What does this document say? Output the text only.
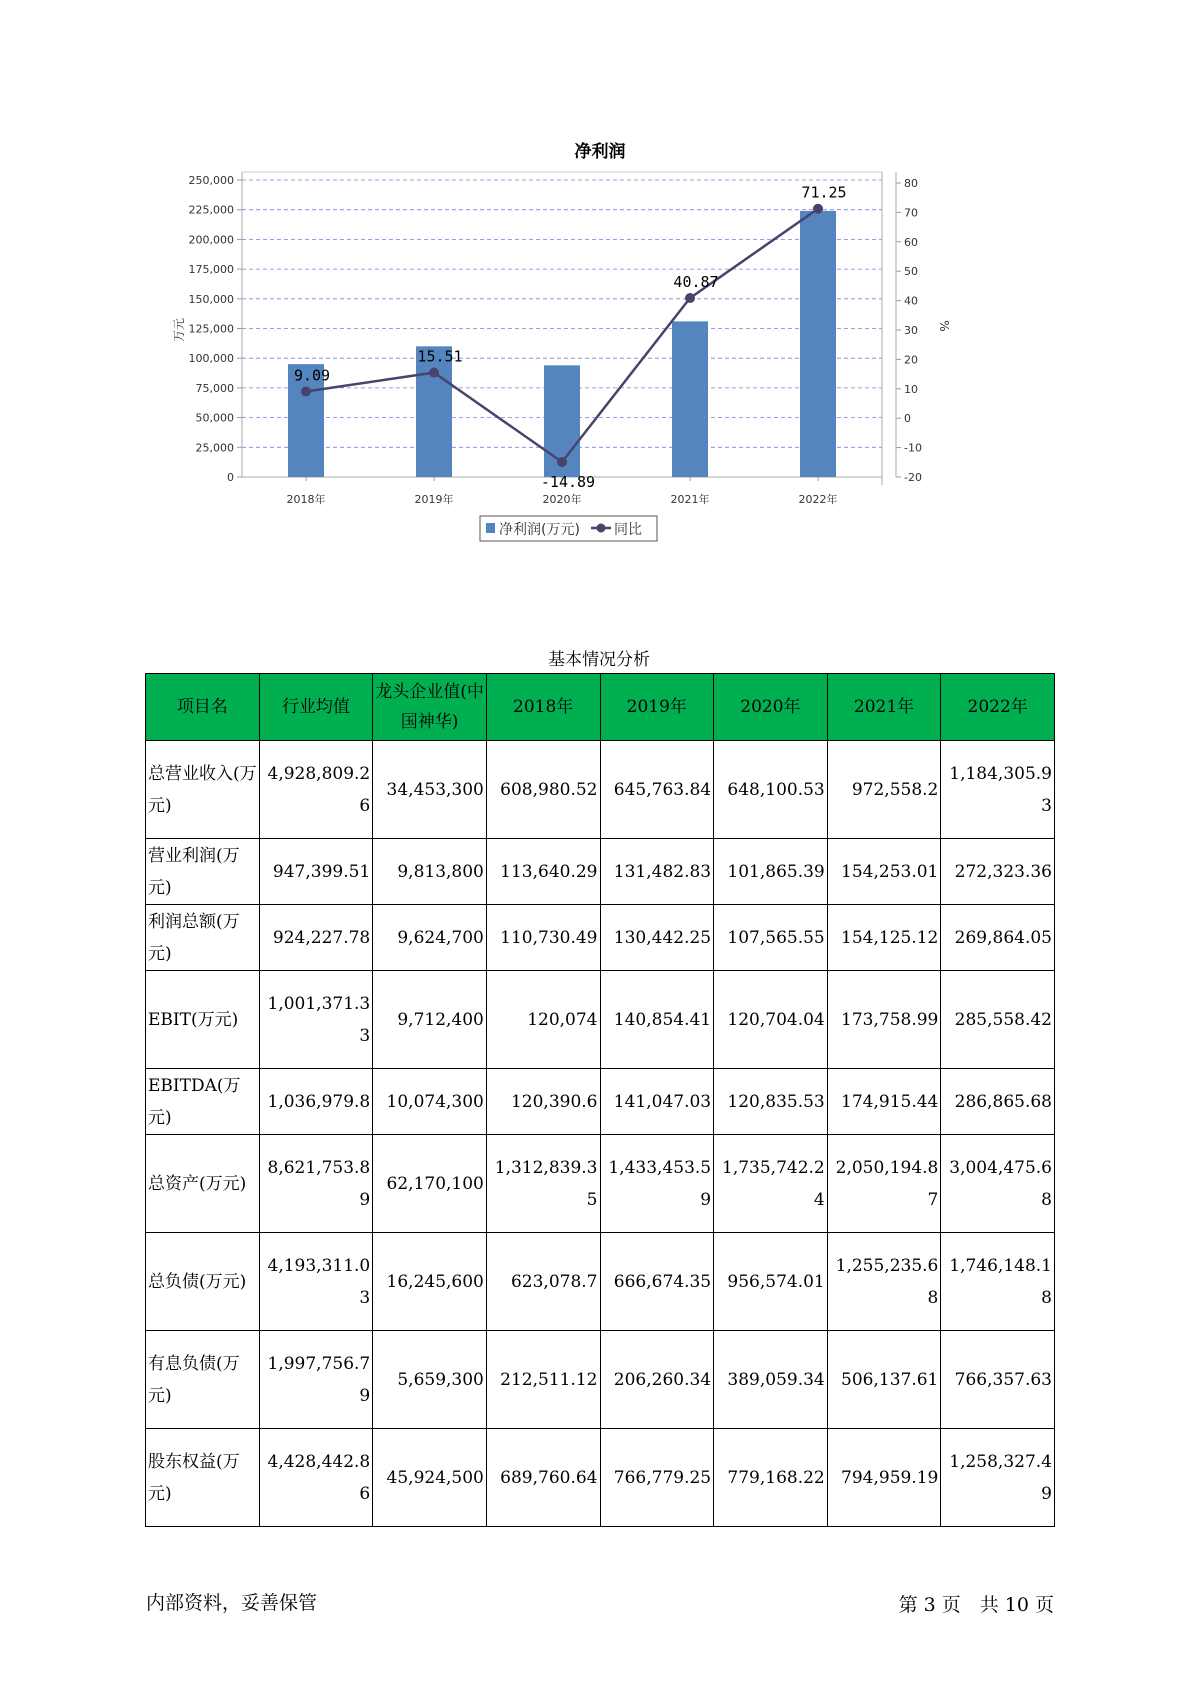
净利润
0
25,000
50,000
75,000
100,000
125,000
150,000
175,000
200,000
225,000
250,000
-20
-10
0
10
20
30
40
50
60
70
80
万元	%
2018年	2019年	2020年	2021年	2022年
9.09
15.51
-14.89
40.87
71.25
净利润(万元) 同比
基本情况分析
项目名	行业均值	龙头企业值(中国神华)	2018年	2019年	2020年	2021年	2022年
总营业收入(万元)	4,928,809.26	34,453,300	608,980.52	645,763.84	648,100.53	972,558.2	1,184,305.93
营业利润(万元)	947,399.51	9,813,800	113,640.29	131,482.83	101,865.39	154,253.01	272,323.36
利润总额(万元)	924,227.78	9,624,700	110,730.49	130,442.25	107,565.55	154,125.12	269,864.05
EBIT(万元)	1,001,371.33	9,712,400	120,074	140,854.41	120,704.04	173,758.99	285,558.42
EBITDA(万元)	1,036,979.8	10,074,300	120,390.6	141,047.03	120,835.53	174,915.44	286,865.68
总资产(万元)	8,621,753.89	62,170,100	1,312,839.35	1,433,453.59	1,735,742.24	2,050,194.87	3,004,475.68
总负债(万元)	4,193,311.03	16,245,600	623,078.7	666,674.35	956,574.01	1,255,235.68	1,746,148.18
有息负债(万元)	1,997,756.79	5,659,300	212,511.12	206,260.34	389,059.34	506,137.61	766,357.63
股东权益(万元)	4,428,442.86	45,924,500	689,760.64	766,779.25	779,168.22	794,959.19	1,258,327.49
内部资料，妥善保管	第 3 页　共 10 页
